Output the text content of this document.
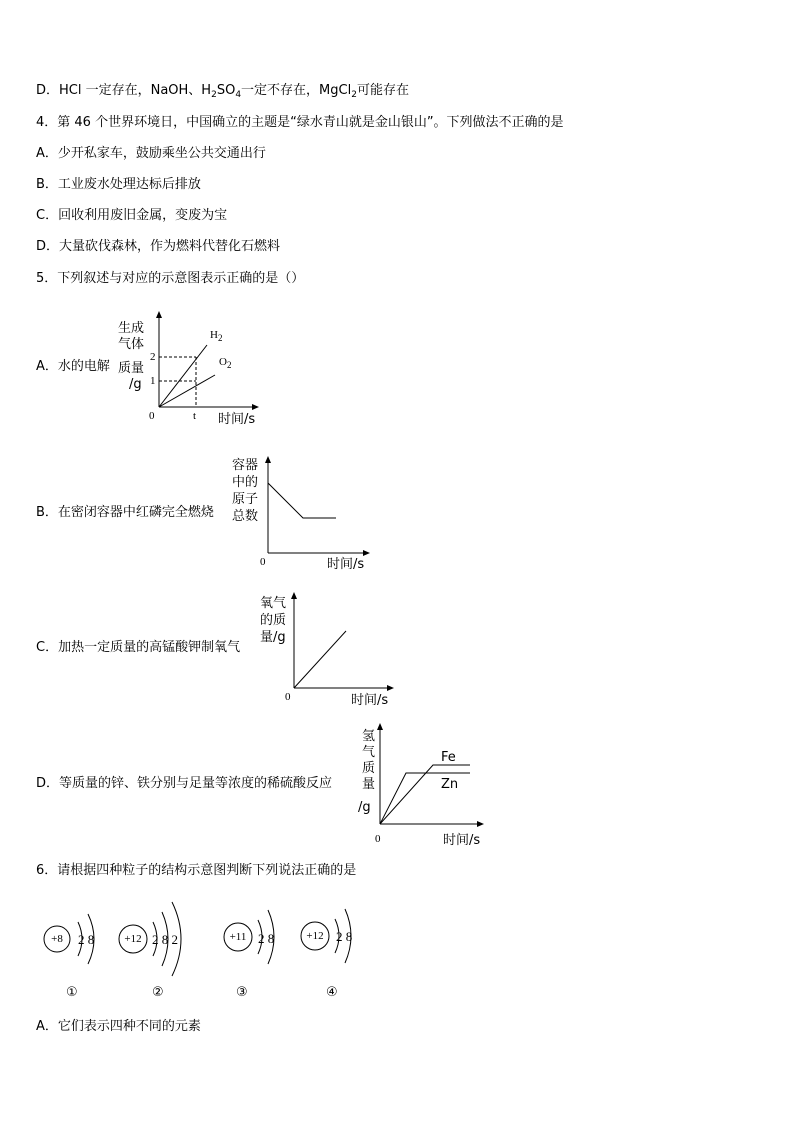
D．HCl 一定存在，NaOH、$H_2SO_4$一定不存在，MgCl$_2$可能存在
4．第 46 个世界环境日，中国确立的主题是“绿水青山就是金山银山”。下列做法不正确的是
A．少开私家车，鼓励乘坐公共交通出行
B．工业废水处理达标后排放
C．回收利用废旧金属，变废为宝
D．大量砍伐森林，作为燃料代替化石燃料
5．下列叙述与对应的示意图表示正确的是（）
A．水的电解
生成
气体
质量
/g
2
1
0	t 时间/s
$H_2$
$O_2$
B．在密闭容器中红磷完全燃烧
容器
中的
原子
总数
0	时间/s
C．加热一定质量的高锰酸钾制氧气
氧气
的质
量/g
0	时间/s
D．等质量的锌、铁分别与足量等浓度的稀硫酸反应
氢
气
质
量
/g
Fe
Zn
0	时间/s
6．请根据四种粒子的结构示意图判断下列说法正确的是
+8	2 8
①
+12 2 8 2
②
+11 2 8
③
+12 2 8
④
A．它们表示四种不同的元素
